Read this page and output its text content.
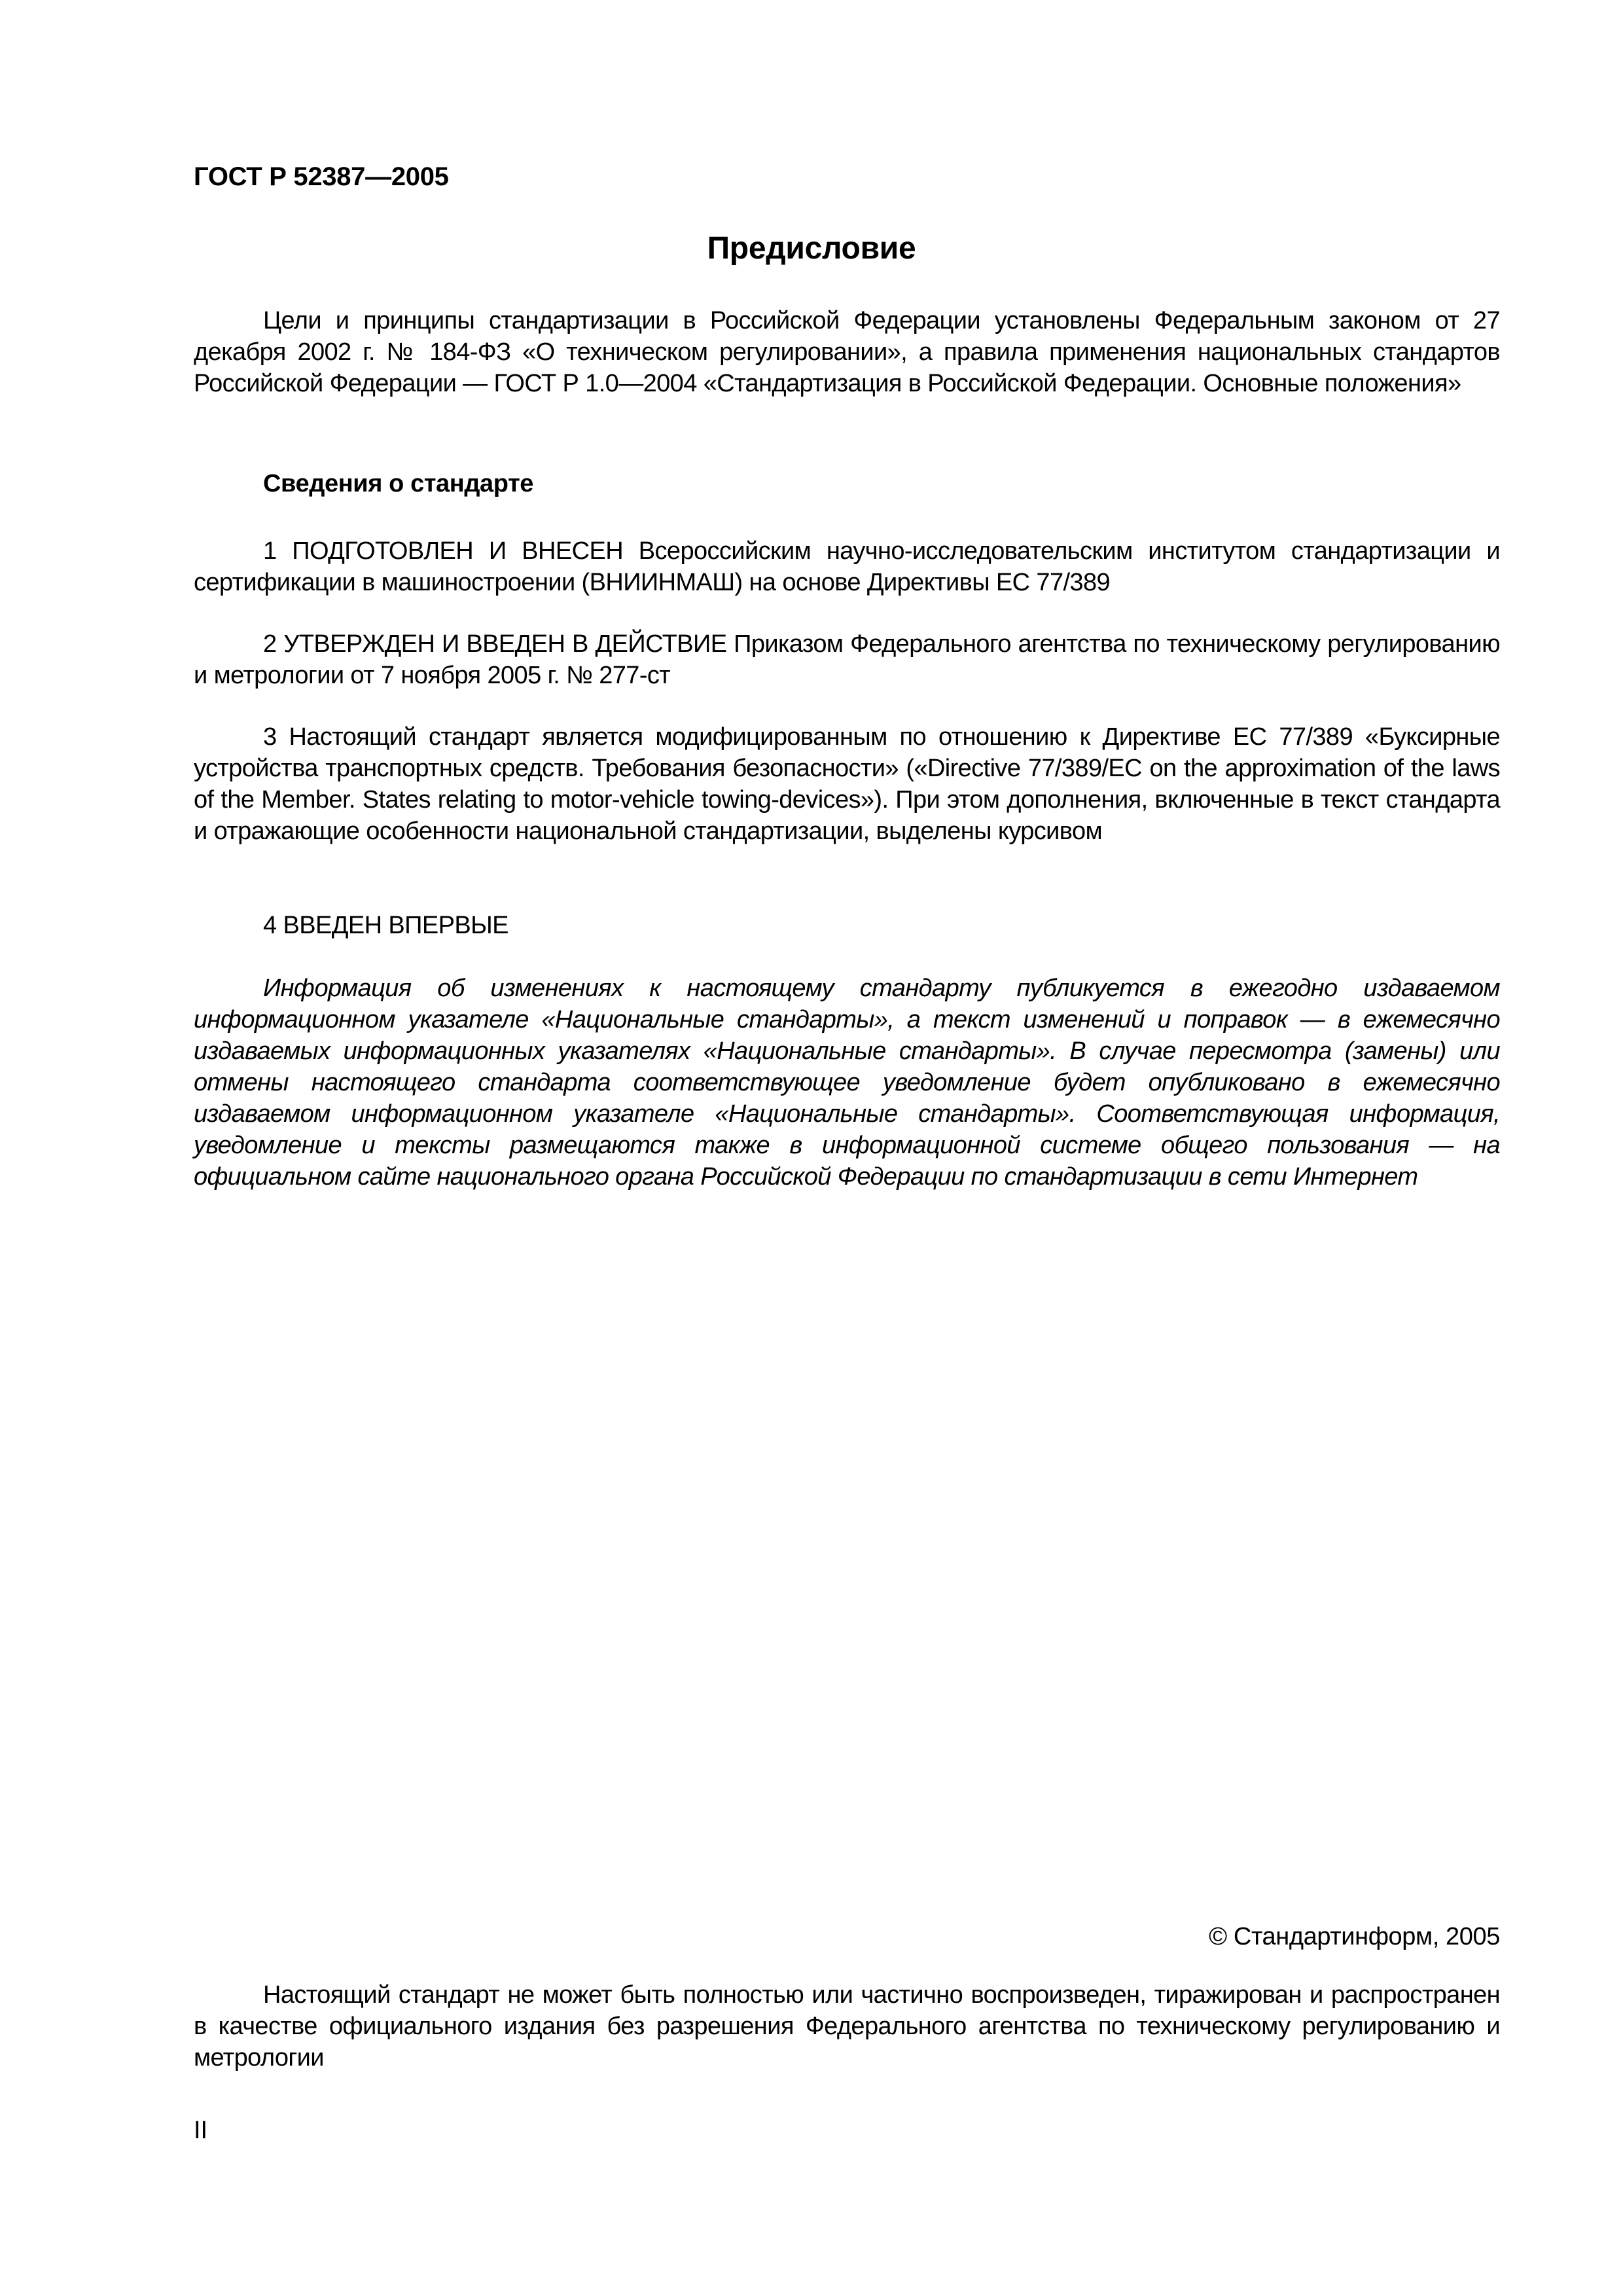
ГОСТ Р 52387—2005
Предисловие

Цели и принципы стандартизации в Российской Федерации установлены Федеральным законом от 27 декабря 2002 г. № 184-ФЗ «О техническом регулировании», а правила применения национальных стандартов Российской Федерации — ГОСТ Р 1.0—2004 «Стандартизация в Российской Федерации. Основные положения»

Сведения о стандарте

1 ПОДГОТОВЛЕН И ВНЕСЕН Всероссийским научно-исследовательским институтом стандартизации и сертификации в машиностроении (ВНИИНМАШ) на основе Директивы ЕС 77/389

2 УТВЕРЖДЕН И ВВЕДЕН В ДЕЙСТВИЕ Приказом Федерального агентства по техническому регулированию и метрологии от 7 ноября 2005 г. № 277-ст

3 Настоящий стандарт является модифицированным по отношению к Директиве ЕС 77/389 «Буксирные устройства транспортных средств. Требования безопасности» («Directive 77/389/EC on the approximation of the laws of the Member. States relating to motor-vehicle towing-devices»). При этом дополнения, включенные в текст стандарта и отражающие особенности национальной стандартизации, выделены курсивом

4 ВВЕДЕН ВПЕРВЫЕ

Информация об изменениях к настоящему стандарту публикуется в ежегодно издаваемом информационном указателе «Национальные стандарты», а текст изменений и поправок — в ежемесячно издаваемых информационных указателях «Национальные стандарты». В случае пересмотра (замены) или отмены настоящего стандарта соответствующее уведомление будет опубликовано в ежемесячно издаваемом информационном указателе «Национальные стандарты». Соответствующая информация, уведомление и тексты размещаются также в информационной системе общего пользования — на официальном сайте национального органа Российской Федерации по стандартизации в сети Интернет

© Стандартинформ, 2005

Настоящий стандарт не может быть полностью или частично воспроизведен, тиражирован и распространен в качестве официального издания без разрешения Федерального агентства по техническому регулированию и метрологии

II
